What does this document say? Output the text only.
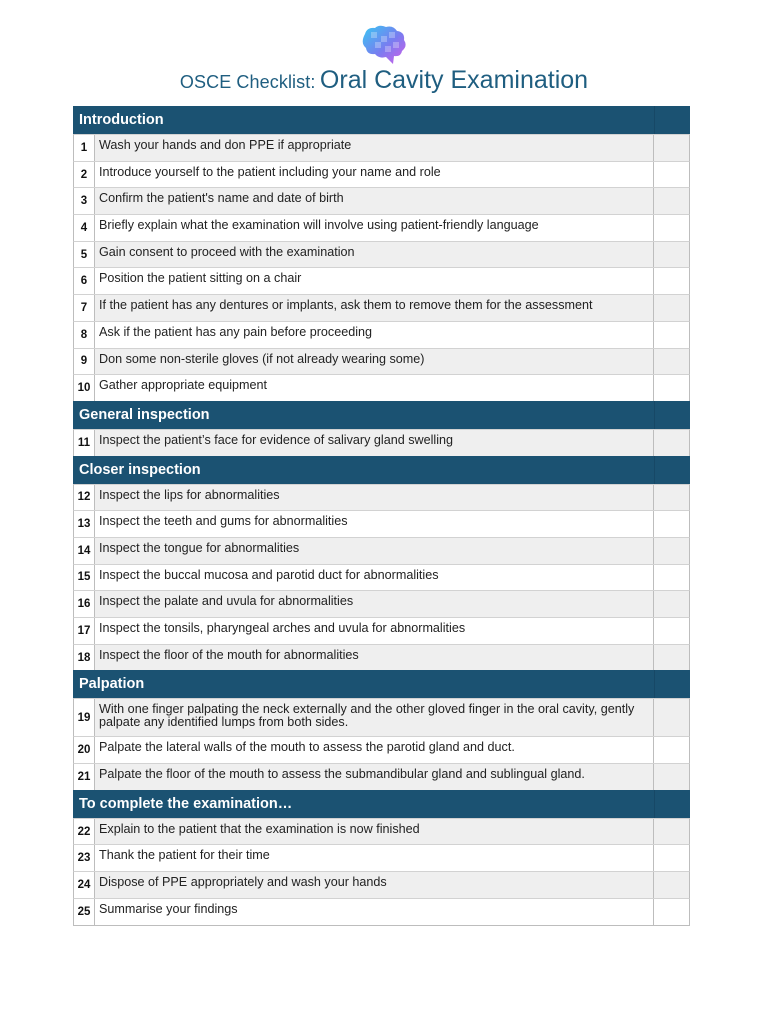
OSCE Checklist: Oral Cavity Examination
Introduction
1 Wash your hands and don PPE if appropriate
2 Introduce yourself to the patient including your name and role
3 Confirm the patient's name and date of birth
4 Briefly explain what the examination will involve using patient-friendly language
5 Gain consent to proceed with the examination
6 Position the patient sitting on a chair
7 If the patient has any dentures or implants, ask them to remove them for the assessment
8 Ask if the patient has any pain before proceeding
9 Don some non-sterile gloves (if not already wearing some)
10 Gather appropriate equipment
General inspection
11 Inspect the patient’s face for evidence of salivary gland swelling
Closer inspection
12 Inspect the lips for abnormalities
13 Inspect the teeth and gums for abnormalities
14 Inspect the tongue for abnormalities
15 Inspect the buccal mucosa and parotid duct for abnormalities
16 Inspect the palate and uvula for abnormalities
17 Inspect the tonsils, pharyngeal arches and uvula for abnormalities
18 Inspect the floor of the mouth for abnormalities
Palpation
19
With one finger palpating the neck externally and the other gloved finger in the oral cavity, gently palpate any identified lumps from both sides.
20 Palpate the lateral walls of the mouth to assess the parotid gland and duct.
21 Palpate the floor of the mouth to assess the submandibular gland and sublingual gland.
To complete the examination…
22 Explain to the patient that the examination is now finished
23 Thank the patient for their time
24 Dispose of PPE appropriately and wash your hands
25 Summarise your findings
